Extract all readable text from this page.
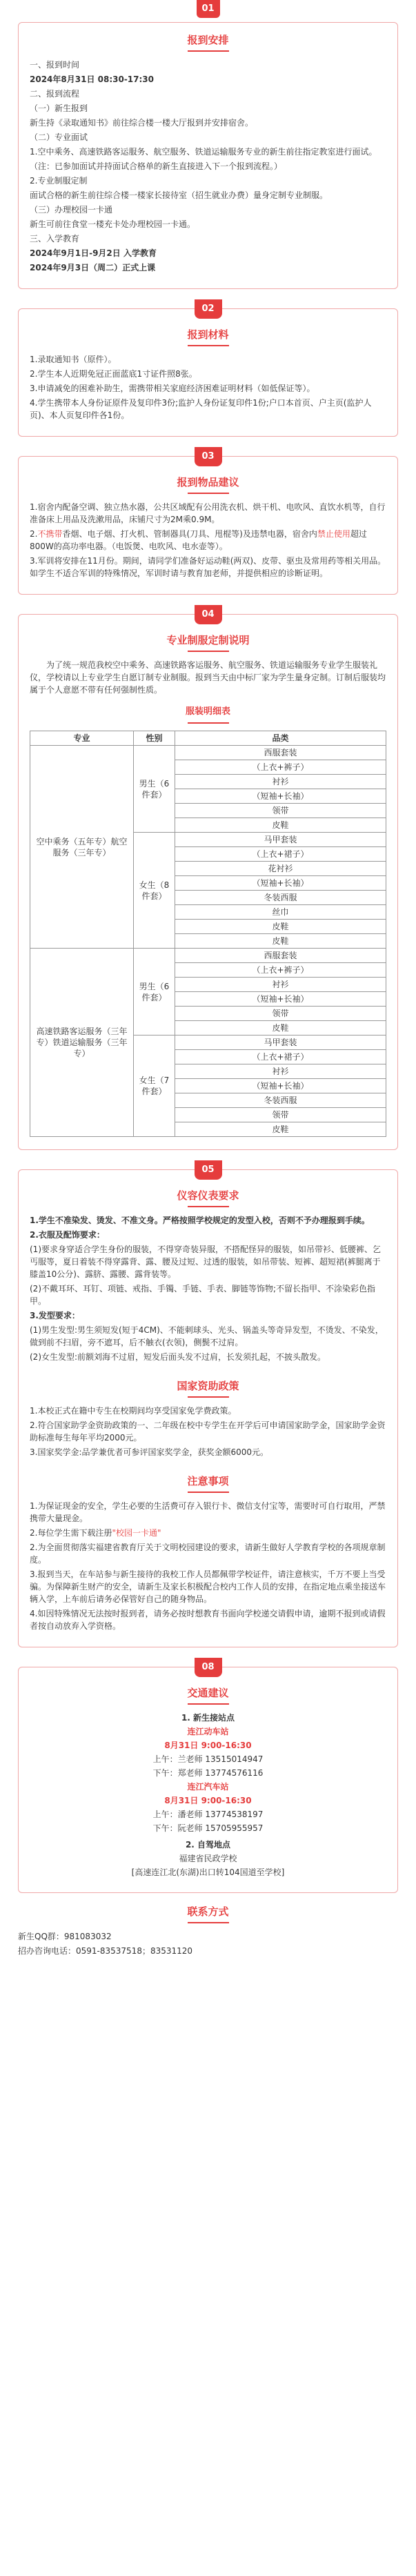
01
报到安排

一、报到时间

2024年8月31日 08:30-17:30

二、报到流程

（一）新生报到

新生持《录取通知书》前往综合楼一楼大厅报到并安排宿舍。

（二）专业面试

1.空中乘务、高速铁路客运服务、航空服务、铁道运输服务专业的新生前往指定教室进行面试。

（注：已参加面试并持面试合格单的新生直接进入下一个报到流程。）

2.专业制服定制

面试合格的新生前往综合楼一楼家长接待室（招生就业办费）量身定制专业制服。

（三）办理校园一卡通

新生可前往食堂一楼充卡处办理校园一卡通。

三、入学教育

2024年9月1日-9月2日 入学教育

2024年9月3日（周二）正式上课

02
报到材料

1.录取通知书（原件）。

2.学生本人近期免冠正面蓝底1寸证件照8张。

3.申请减免的困难补助生，需携带相关家庭经济困难证明材料（如低保证等）。

4.学生携带本人身份证原件及复印件3份;监护人身份证复印件1份;户口本首页、户主页(监护人页)、本人页复印件各1份。

03
报到物品建议

1.宿舍内配备空调、独立热水器，公共区域配有公用洗衣机、烘干机、电吹风、直饮水机等，自行准备床上用品及洗漱用品，床铺尺寸为2M乘0.9M。

2.不携带香烟、电子烟、打火机、管制器具(刀具、甩棍等)及违禁电器，宿舍内禁止使用超过800W的高功率电器。（电饭煲、电吹风、电水壶等）。

3.军训将安排在11月份。期间，请同学们准备好运动鞋(两双)、皮带、驱虫及常用药等相关用品。如学生不适合军训的特殊情况，军训时请与教育加老师，并提供相应的诊断证明。

04
专业制服定制说明

为了统一规范我校空中乘务、高速铁路客运服务、航空服务、铁道运输服务专业学生服装礼仪，学校请以上专业学生自愿订制专业制服。报到当天由中标厂家为学生量身定制。订制后服装均属于个人意愿不带有任何强制性质。

服装明细表
专业	性别	品类
空中乘务（五年专）航空服务（三年专）	男生（6件套）	西服套装
		（上衣+裤子）
		衬衫
		（短袖+长袖）
		领带
		皮鞋
	女生（8件套）	马甲套装
		（上衣+裙子）
		花衬衫
		（短袖+长袖）
		冬装西服
		丝巾
		皮鞋
		皮鞋
高速铁路客运服务（三年专）铁道运输服务（三年专）	男生（6件套）	西服套装
		（上衣+裤子）
		衬衫
		（短袖+长袖）
		领带
		皮鞋
	女生（7件套）	马甲套装
		（上衣+裙子）
		衬衫
		（短袖+长袖）
		冬装西服
		领带
		皮鞋
05
仪容仪表要求

1.学生不准染发、烫发、不准文身。严格按照学校规定的发型入校，否则不予办理报到手续。

2.衣服及配饰要求：

(1)要求身穿适合学生身份的服装，不得穿奇装异服，不搭配怪异的服装，如吊带衫、低腰裤、乞丐服等，夏日着装不得穿露背、露、腰及过短、过透的服装，如吊带装、短裤、超短裙(裤腿离于膝盖10公分)、露脐、露腰、露背装等。

(2)不戴耳环、耳钉、项链、戒指、手镯、手链、手表、脚链等饰物;不留长指甲、不涂染彩色指甲。

3.发型要求：

(1)男生发型:男生须短发(短于4CM)、不能刺球头、光头、锅盖头等奇异发型，不烫发、不染发，做到前不扫眉，旁不遮耳，后不触衣(衣领)，侧鬓不过肩。

(2)女生发型:前额刘海不过眉，短发后面头发不过肩，长发须扎起，不披头散发。

国家资助政策

1.本校正式在籍中专生在校期间均享受国家免学费政策。

2.符合国家助学金资助政策的一、二年级在校中专学生在开学后可申请国家助学金，国家助学金资助标准每生每年平均2000元。

3.国家奖学金:品学兼优者可参评国家奖学金，获奖金额6000元。

注意事项

1.为保证现金的安全，学生必要的生活费可存入银行卡、微信支付宝等，需要时可自行取用，严禁携带大量现金。

2.每位学生需下载注册"校园一卡通"

2.为全面贯彻落实福建省教育厅关于文明校园建设的要求，请新生做好人学教育学校的各项规章制度。

3.报到当天，在车站参与新生接待的我校工作人员都佩带学校证件，请注意核实，千万不要上当受骗。为保障新生财产的安全，请新生及家长积极配合校内工作人员的安排，在指定地点乘坐接送车辆入学，上车前后请务必保管好自己的随身物品。

4.如因特殊情况无法按时报到者，请务必按时想教育书面向学校递交请假申请，逾期不报到或请假者按自动放弃入学资格。

08
交通建议

1. 新生接站点

连江动车站

8月31日 9:00-16:30

上午：兰老师 13515014947

下午：郑老师 13774576116

连江汽车站

8月31日 9:00-16:30

上午：潘老师 13774538197

下午：阮老师 15705955957

2. 自驾地点

福建省民政学校

[高速连江北(东湖)出口转104国道至学校]

联系方式

新生QQ群：981083032

招办咨询电话：0591-83537518；83531120
